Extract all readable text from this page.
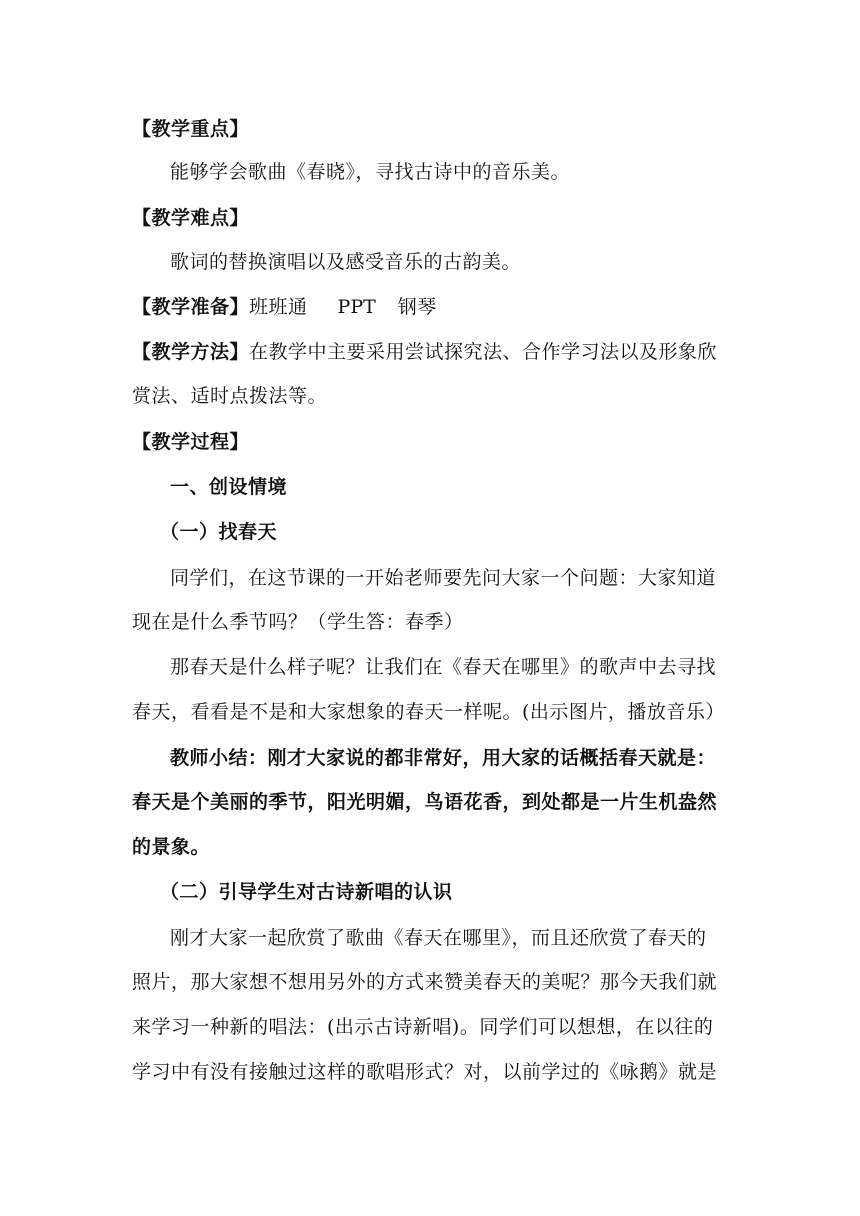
【教学重点】
能够学会歌曲《春晓》，寻找古诗中的音乐美。
【教学难点】
歌词的替换演唱以及感受音乐的古韵美。
【教学准备】班班通 PPT 钢琴
【教学方法】在教学中主要采用尝试探究法、合作学习法以及形象欣
赏法、适时点拨法等。
【教学过程】
一、创设情境
（一）找春天
同学们，在这节课的一开始老师要先问大家一个问题：大家知道
现在是什么季节吗？（学生答：春季）
那春天是什么样子呢？让我们在《春天在哪里》的歌声中去寻找
春天，看看是不是和大家想象的春天一样呢。(出示图片，播放音乐）
教师小结：刚才大家说的都非常好，用大家的话概括春天就是：
春天是个美丽的季节，阳光明媚，鸟语花香，到处都是一片生机盎然
的景象。
（二）引导学生对古诗新唱的认识
刚才大家一起欣赏了歌曲《春天在哪里》，而且还欣赏了春天的
照片，那大家想不想用另外的方式来赞美春天的美呢？那今天我们就
来学习一种新的唱法：(出示古诗新唱)。同学们可以想想，在以往的
学习中有没有接触过这样的歌唱形式？对，以前学过的《咏鹅》就是
